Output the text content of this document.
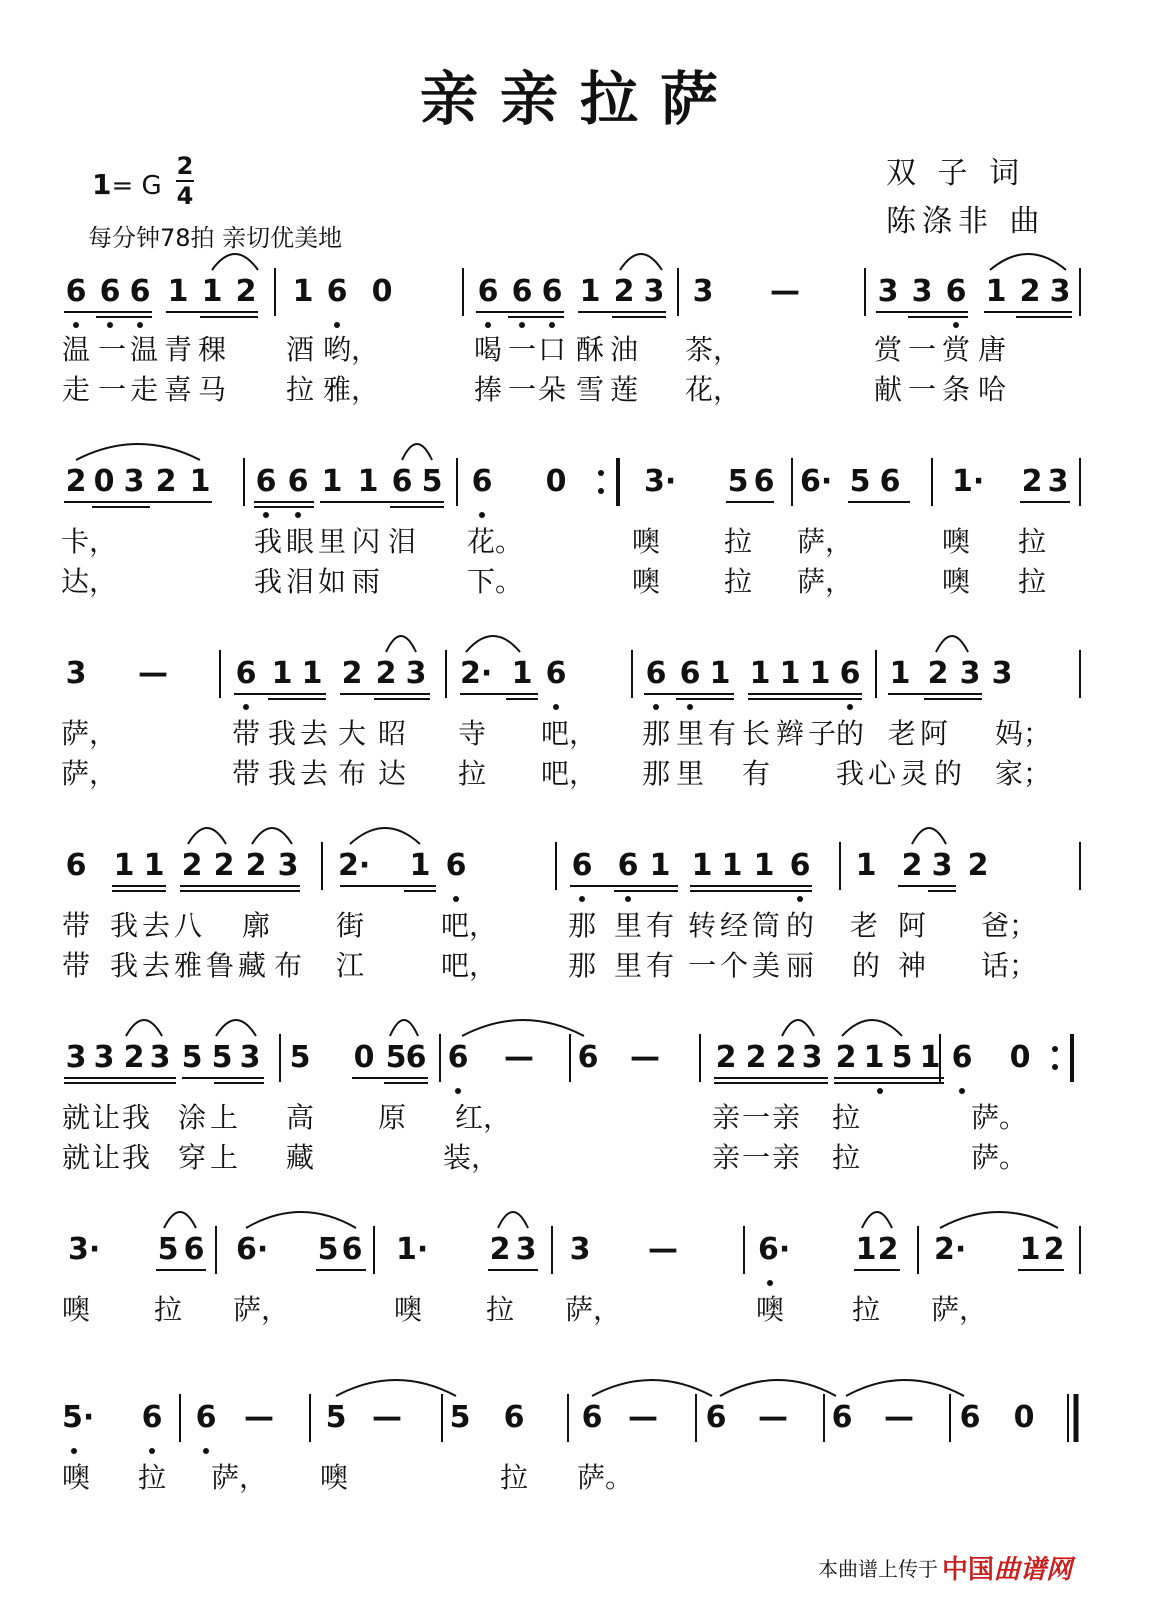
亲亲拉萨
1= G
2
4
每分钟78拍 亲切优美地
双 子 词
陈涤非 曲
本曲谱上传于 中国曲谱网
6 6 6 1 1 2 1 6 0	6 6 6 1 2 3 3 —	3 3 6 1 2 3
2 0 3 2 1 6 6 1 1 6 5 6 0	3· 5 6 6· 5 6 1· 2 3
3 — 6 1 1 2 2 3 2· 1 6	6 6 1 1 1 1 6 1 2 3 3
6 1 1 2 2 2 3 2· 1 6	6 6 1 1 1 1 6 1 2 3 2
3 3 2 3 5 5 3 5 0 5 6 6 — 6 — 2 2 2 3 2 1 5 1 6 0
3· 5 6 6· 5 6 1· 2 3 3 —	6· 1 2 2· 1 2
5· 6 6 — 5 — 5 6 6 — 6 — 6 — 6 0
温 一 温 青 稞 酒 哟，	喝 一 口 酥 油 茶，	赏 一 赏 唐
走 一 走 喜 马 拉 雅，	捧 一 朵 雪 莲 花，	献 一 条 哈
卡，	我 眼 里 闪 泪 花。	噢 拉 萨，	噢 拉
达，	我 泪 如 雨	下。	噢 拉 萨，	噢 拉
萨，	带 我 去 大 昭 寺 吧， 那 里 有 长 辫 子 的 老 阿 妈；
萨，	带 我 去 布 达 拉 吧， 那 里 有 我 心 灵 的 家；
带 我 去 八 廓 街	吧，	那 里 有 转 经 筒 的 老 阿 爸；
带 我 去 雅 鲁 藏 布 江	吧，	那 里 有 一 个 美 丽 的 神 话；
就 让 我 涂 上 高 原 红，	亲 一 亲 拉	萨。
就 让 我 穿 上 藏	装，	亲 一 亲 拉	萨。
噢 拉 萨，	噢 拉 萨，	噢 拉 萨，
噢 拉 萨， 噢	拉 萨。
